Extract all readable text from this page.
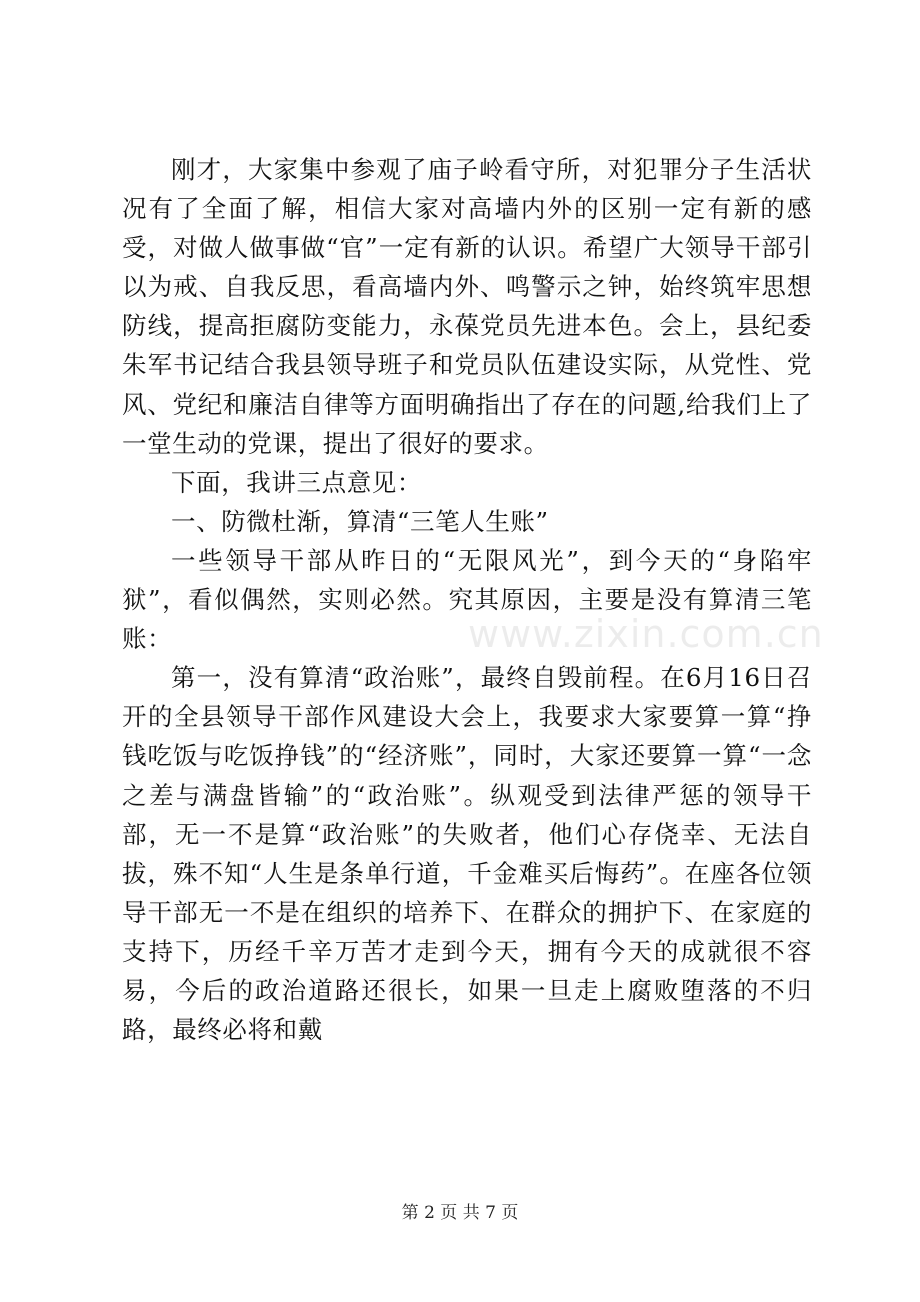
刚才，大家集中参观了庙子岭看守所，对犯罪分子生活状况有了全面了解，相信大家对高墙内外的区别一定有新的感受，对做人做事做“官”一定有新的认识。希望广大领导干部引以为戒、自我反思，看高墙内外、鸣警示之钟，始终筑牢思想防线，提高拒腐防变能力，永葆党员先进本色。会上，县纪委朱军书记结合我县领导班子和党员队伍建设实际，从党性、党风、党纪和廉洁自律等方面明确指出了存在的问题,给我们上了一堂生动的党课，提出了很好的要求。

下面，我讲三点意见：

一、防微杜渐，算清“三笔人生账”

一些领导干部从昨日的“无限风光”，到今天的“身陷牢狱”，看似偶然，实则必然。究其原因，主要是没有算清三笔账：

第一，没有算清“政治账”，最终自毁前程。在6月16日召开的全县领导干部作风建设大会上，我要求大家要算一算“挣钱吃饭与吃饭挣钱”的“经济账”，同时，大家还要算一算“一念之差与满盘皆输”的“政治账”。纵观受到法律严惩的领导干部，无一不是算“政治账”的失败者，他们心存侥幸、无法自拔，殊不知“人生是条单行道，千金难买后悔药”。在座各位领导干部无一不是在组织的培养下、在群众的拥护下、在家庭的支持下，历经千辛万苦才走到今天，拥有今天的成就很不容易，今后的政治道路还很长，如果一旦走上腐败堕落的不归路，最终必将和戴

www.zixin.com.cn
第 2 页 共 7 页
